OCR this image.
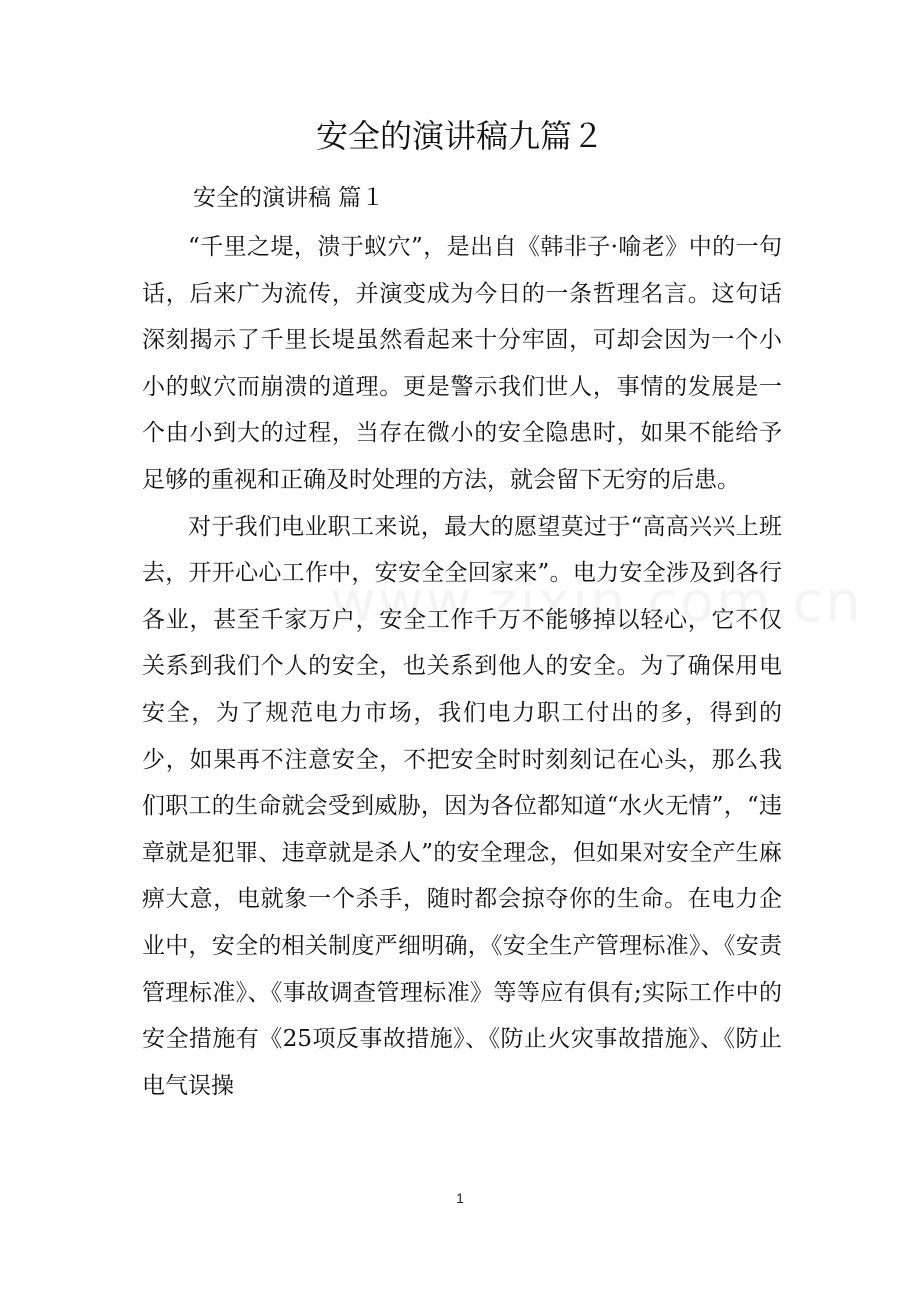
安全的演讲稿九篇２
安全的演讲稿 篇１

“千里之堤，溃于蚁穴”，是出自《韩非子·喻老》中的一句话，后来广为流传，并演变成为今日的一条哲理名言。这句话深刻揭示了千里长堤虽然看起来十分牢固，可却会因为一个小小的蚁穴而崩溃的道理。更是警示我们世人，事情的发展是一个由小到大的过程，当存在微小的安全隐患时，如果不能给予足够的重视和正确及时处理的方法，就会留下无穷的后患。

对于我们电业职工来说，最大的愿望莫过于“高高兴兴上班去，开开心心工作中，安安全全回家来”。电力安全涉及到各行各业，甚至千家万户，安全工作千万不能够掉以轻心，它不仅关系到我们个人的安全，也关系到他人的安全。为了确保用电安全，为了规范电力市场，我们电力职工付出的多，得到的少，如果再不注意安全，不把安全时时刻刻记在心头，那么我们职工的生命就会受到威胁，因为各位都知道“水火无情”，“违章就是犯罪、违章就是杀人”的安全理念，但如果对安全产生麻痹大意，电就象一个杀手，随时都会掠夺你的生命。在电力企业中，安全的相关制度严细明确，《安全生产管理标准》、《安责管理标准》、《事故调查管理标准》等等应有俱有;实际工作中的安全措施有《25项反事故措施》、《防止火灾事故措施》、《防止电气误操

1
